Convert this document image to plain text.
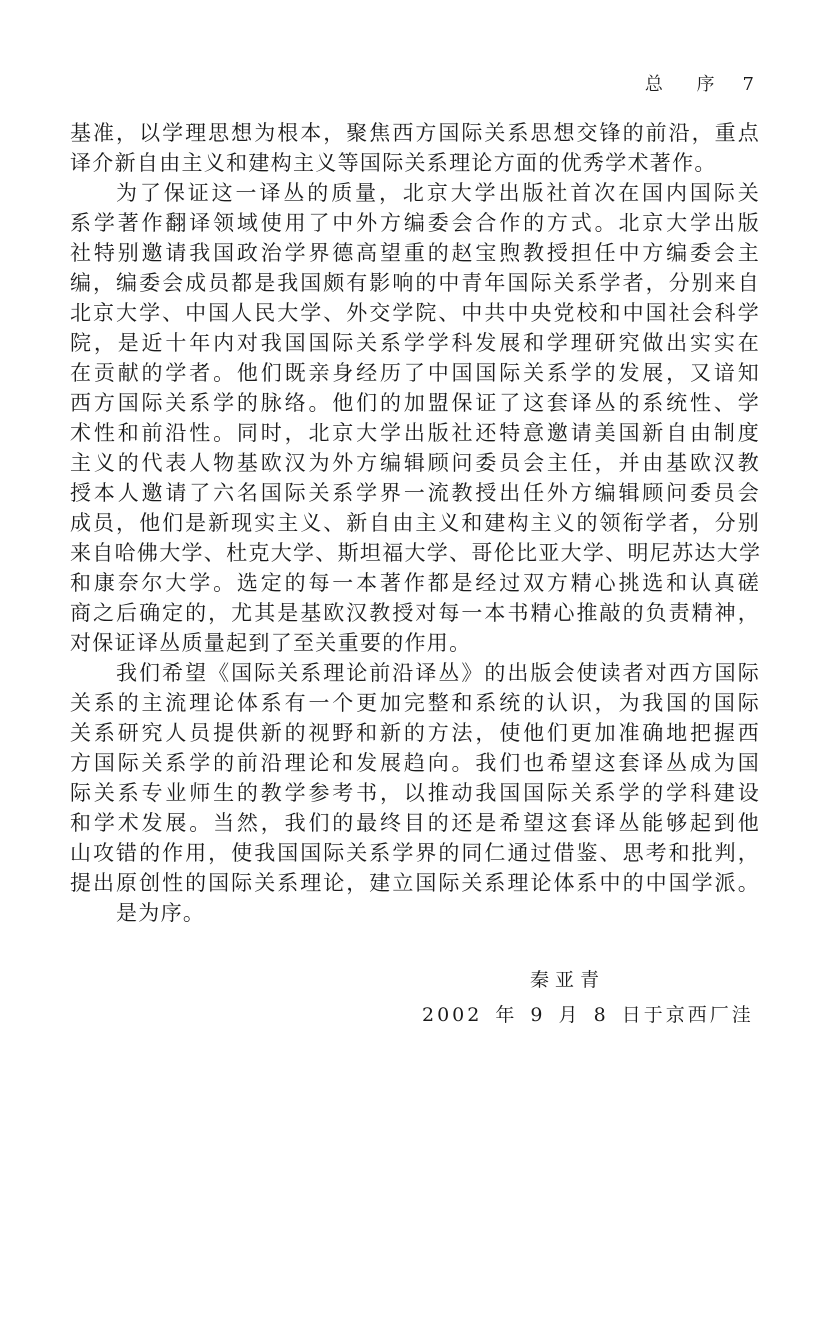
总 序 7
基准，以学理思想为根本，聚焦西方国际关系思想交锋的前沿，重点
译介新自由主义和建构主义等国际关系理论方面的优秀学术著作。
为了保证这一译丛的质量，北京大学出版社首次在国内国际关
系学著作翻译领域使用了中外方编委会合作的方式。北京大学出版
社特别邀请我国政治学界德高望重的赵宝煦教授担任中方编委会主
编，编委会成员都是我国颇有影响的中青年国际关系学者，分别来自
北京大学、中国人民大学、外交学院、中共中央党校和中国社会科学
院，是近十年内对我国国际关系学学科发展和学理研究做出实实在
在贡献的学者。他们既亲身经历了中国国际关系学的发展，又谙知
西方国际关系学的脉络。他们的加盟保证了这套译丛的系统性、学
术性和前沿性。同时，北京大学出版社还特意邀请美国新自由制度
主义的代表人物基欧汉为外方编辑顾问委员会主任，并由基欧汉教
授本人邀请了六名国际关系学界一流教授出任外方编辑顾问委员会
成员，他们是新现实主义、新自由主义和建构主义的领衔学者，分别
来自哈佛大学、杜克大学、斯坦福大学、哥伦比亚大学、明尼苏达大学
和康奈尔大学。选定的每一本著作都是经过双方精心挑选和认真磋
商之后确定的，尤其是基欧汉教授对每一本书精心推敲的负责精神，
对保证译丛质量起到了至关重要的作用。
我们希望《国际关系理论前沿译丛》的出版会使读者对西方国际
关系的主流理论体系有一个更加完整和系统的认识，为我国的国际
关系研究人员提供新的视野和新的方法，使他们更加准确地把握西
方国际关系学的前沿理论和发展趋向。我们也希望这套译丛成为国
际关系专业师生的教学参考书，以推动我国国际关系学的学科建设
和学术发展。当然，我们的最终目的还是希望这套译丛能够起到他
山攻错的作用，使我国国际关系学界的同仁通过借鉴、思考和批判，
提出原创性的国际关系理论，建立国际关系理论体系中的中国学派。
是为序。
秦亚青
2002 年 9 月 8 日于京西厂洼
